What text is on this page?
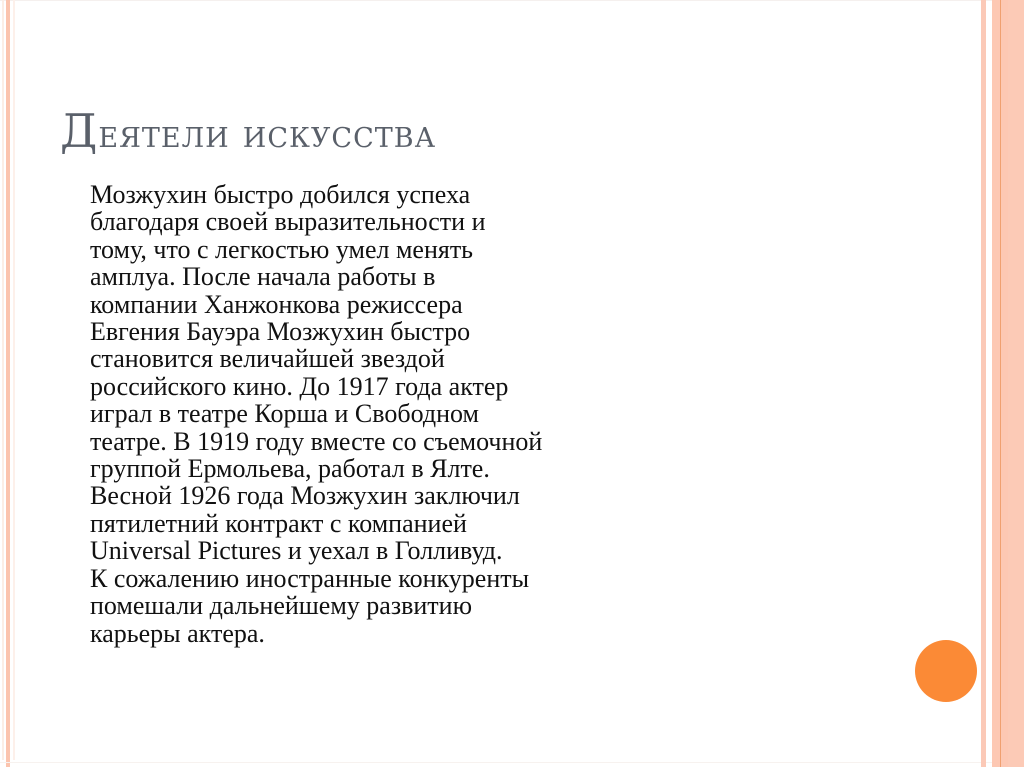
Деятели искусства
Мозжухин быстро добился успеха
благодаря своей выразительности и
тому, что с легкостью умел менять
амплуа. После начала работы в
компании Ханжонкова режиссера
Евгения Бауэра Мозжухин быстро
становится величайшей звездой
российского кино. До 1917 года актер
играл в театре Корша и Свободном
театре. В 1919 году вместе со съемочной
группой Ермольева, работал в Ялте.
Весной 1926 года Мозжухин заключил
пятилетний контракт с компанией
Universal Pictures и уехал в Голливуд.
К сожалению иностранные конкуренты
помешали дальнейшему развитию
карьеры актера.
